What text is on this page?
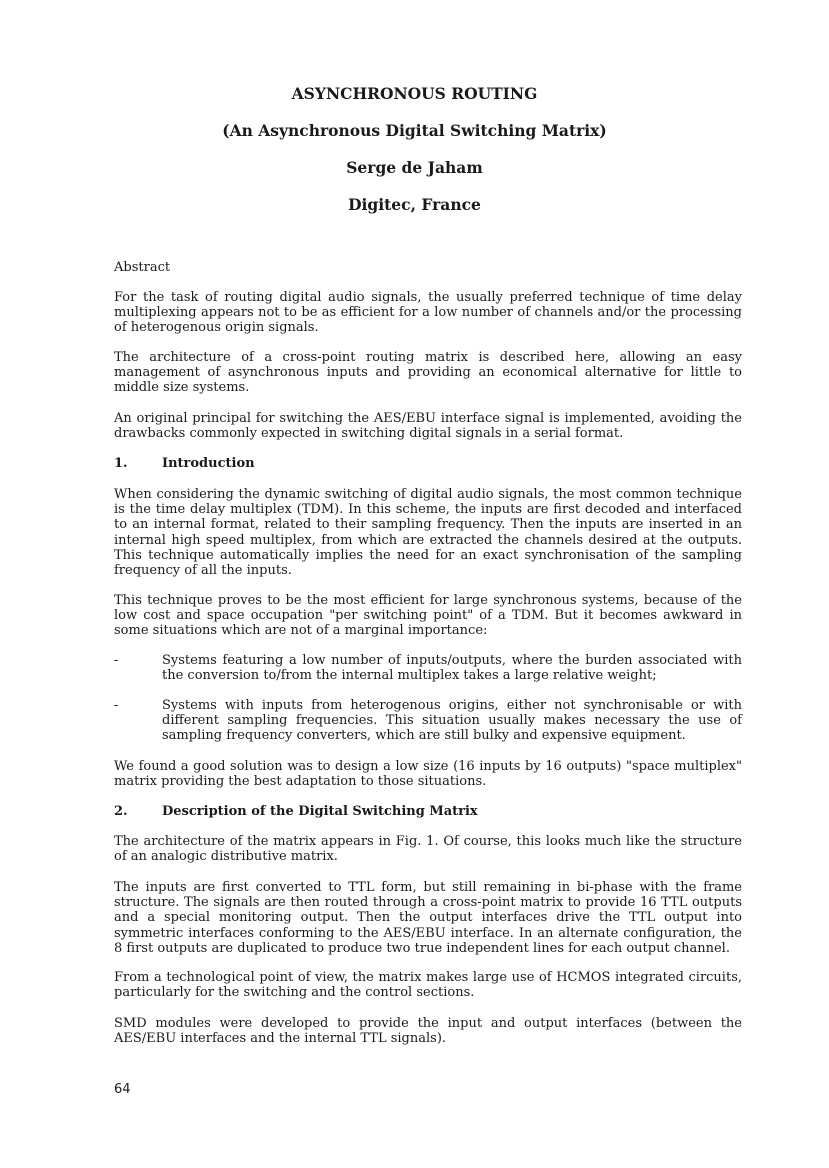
ASYNCHRONOUS ROUTING
(An Asynchronous Digital Switching Matrix)
Serge de Jaham
Digitec, France

Abstract

For the task of routing digital audio signals, the usually preferred technique of time delay multiplexing appears not to be as efficient for a low number of channels and/or the processing of heterogenous origin signals.

The architecture of a cross-point routing matrix is described here, allowing an easy management of asynchronous inputs and providing an economical alternative for little to middle size systems.

An original principal for switching the AES/EBU interface signal is implemented, avoiding the drawbacks commonly expected in switching digital signals in a serial format.

1.	Introduction

When considering the dynamic switching of digital audio signals, the most common technique is the time delay multiplex (TDM). In this scheme, the inputs are first decoded and interfaced to an internal format, related to their sampling frequency. Then the inputs are inserted in an internal high speed multiplex, from which are extracted the channels desired at the outputs. This technique automatically implies the need for an exact synchronisation of the sampling frequency of all the inputs.

This technique proves to be the most efficient for large synchronous systems, because of the low cost and space occupation "per switching point" of a TDM. But it becomes awkward in some situations which are not of a marginal importance:

-	Systems featuring a low number of inputs/outputs, where the burden associated with the conversion to/from the internal multiplex takes a large relative weight;

-	Systems with inputs from heterogenous origins, either not synchronisable or with different sampling frequencies. This situation usually makes necessary the use of sampling frequency converters, which are still bulky and expensive equipment.

We found a good solution was to design a low size (16 inputs by 16 outputs) "space multiplex" matrix providing the best adaptation to those situations.

2.	Description of the Digital Switching Matrix

The architecture of the matrix appears in Fig. 1. Of course, this looks much like the structure of an analogic distributive matrix.

The inputs are first converted to TTL form, but still remaining in bi-phase with the frame structure. The signals are then routed through a cross-point matrix to provide 16 TTL outputs and a special monitoring output. Then the output interfaces drive the TTL output into symmetric interfaces conforming to the AES/EBU interface. In an alternate configuration, the 8 first outputs are duplicated to produce two true independent lines for each output channel.

From a technological point of view, the matrix makes large use of HCMOS integrated circuits, particularly for the switching and the control sections.

SMD modules were developed to provide the input and output interfaces (between the AES/EBU interfaces and the internal TTL signals).

64
